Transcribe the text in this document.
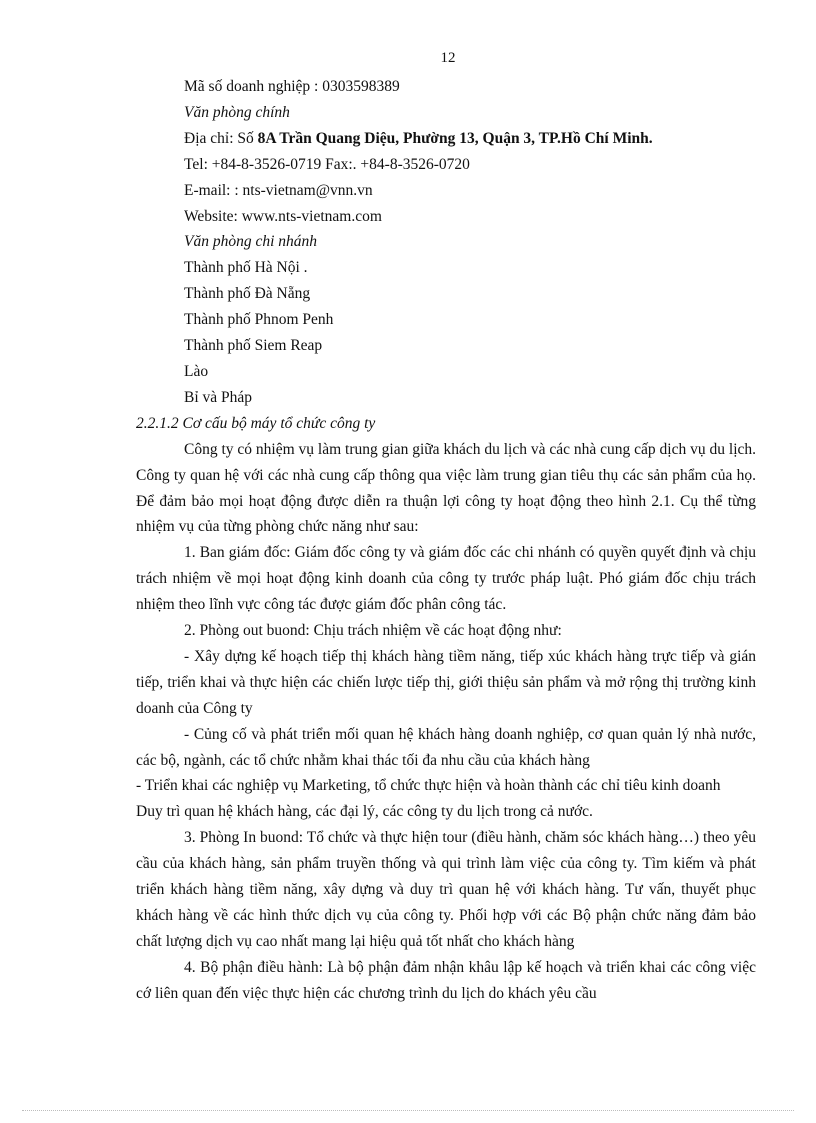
12

Mã số doanh nghiệp : 0303598389

Văn phòng chính

Địa chỉ: Số 8A Trần Quang Diệu, Phường 13, Quận 3, TP.Hồ Chí Minh.

Tel: +84-8-3526-0719 Fax:. +84-8-3526-0720

E-mail: : nts-vietnam@vnn.vn

Website: www.nts-vietnam.com

Văn phòng chi nhánh

Thành phố Hà Nội .

Thành phố Đà Nẵng

Thành phố Phnom Penh

Thành phố Siem Reap

Lào

Bỉ và Pháp

2.2.1.2 Cơ cấu bộ máy tổ chức công ty

Công ty có nhiệm vụ làm trung gian giữa khách du lịch và các nhà cung cấp dịch vụ du lịch. Công ty quan hệ với các nhà cung cấp thông qua việc làm trung gian tiêu thụ các sản phẩm của họ. Để đảm bảo mọi hoạt động được diễn ra thuận lợi công ty hoạt động theo hình 2.1. Cụ thể từng nhiệm vụ của từng phòng chức năng như sau:

1. Ban giám đốc: Giám đốc công ty và giám đốc các chi nhánh có quyền quyết định và chịu trách nhiệm về mọi hoạt động kinh doanh của công ty trước pháp luật. Phó giám đốc chịu trách nhiệm theo lĩnh vực công tác được giám đốc phân công tác.

2. Phòng out buond: Chịu trách nhiệm về các hoạt động như:

- Xây dựng kế hoạch tiếp thị khách hàng tiềm năng, tiếp xúc khách hàng trực tiếp và gián tiếp, triển khai và thực hiện các chiến lược tiếp thị, giới thiệu sản phẩm và mở rộng thị trường kinh doanh của Công ty

- Củng cố và phát triển mối quan hệ khách hàng doanh nghiệp, cơ quan quản lý nhà nước, các bộ, ngành, các tổ chức nhằm khai thác tối đa nhu cầu của khách hàng

- Triển khai các nghiệp vụ Marketing, tổ chức thực hiện và hoàn thành các chỉ tiêu kinh doanh

Duy trì quan hệ khách hàng, các đại lý, các công ty du lịch trong cả nước.

3. Phòng In buond: Tổ chức và thực hiện tour (điều hành, chăm sóc khách hàng…) theo yêu cầu của khách hàng, sản phẩm truyền thống và qui trình làm việc của công ty. Tìm kiếm và phát triển khách hàng tiềm năng, xây dựng và duy trì quan hệ với khách hàng. Tư vấn, thuyết phục khách hàng về các hình thức dịch vụ của công ty. Phối hợp với các Bộ phận chức năng đảm bảo chất lượng dịch vụ cao nhất mang lại hiệu quả tốt nhất cho khách hàng

4. Bộ phận điều hành: Là bộ phận đảm nhận khâu lập kế hoạch và triển khai các công việc cớ liên quan đến việc thực hiện các chương trình du lịch do khách yêu cầu
